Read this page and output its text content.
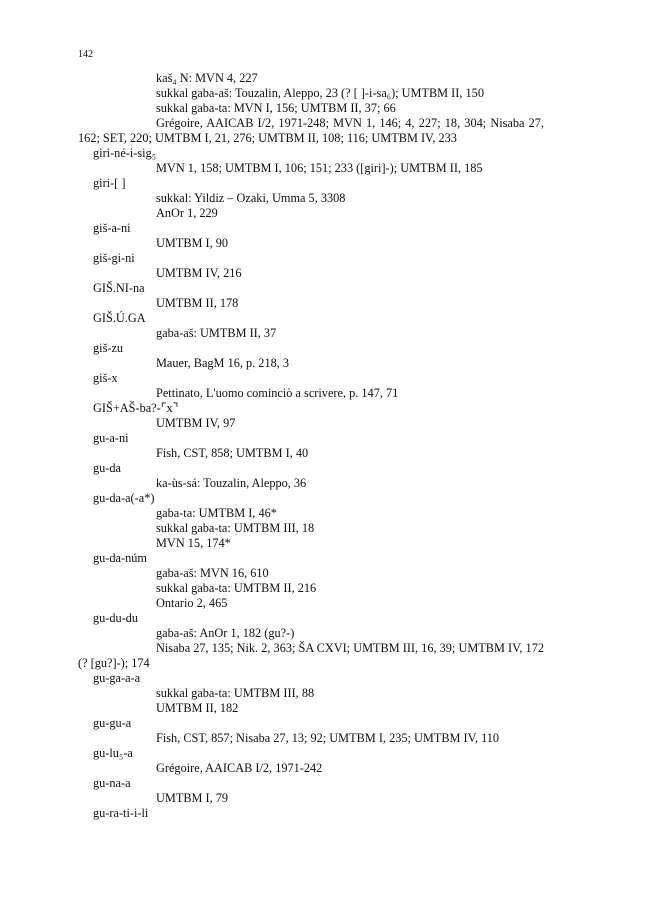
142
kaš₄ N: MVN 4, 227
sukkal gaba-aš: Touzalin, Aleppo, 23 (? [ ]-i-sa₆); UMTBM II, 150
sukkal gaba-ta: MVN I, 156; UMTBM II, 37; 66
Grégoire, AAICAB I/2, 1971-248; MVN 1, 146; 4, 227; 18, 304; Nisaba 27,
162; SET, 220; UMTBM I, 21, 276; UMTBM II, 108; 116; UMTBM IV, 233
giri-né-i-sig₅
MVN 1, 158; UMTBM I, 106; 151; 233 ([giri]-); UMTBM II, 185
giri-[ ]
sukkal: Yildiz – Ozaki, Umma 5, 3308
AnOr 1, 229
giš-a-ni
UMTBM I, 90
giš-gi-ni
UMTBM IV, 216
GIŠ.NI-na
UMTBM II, 178
GIŠ.Ú.GA
gaba-aš: UMTBM II, 37
giš-zu
Mauer, BagM 16, p. 218, 3
giš-x
Pettinato, L'uomo cominciò a scrivere, p. 147, 71
GIŠ+AŠ-ba?-⌜x⌝
UMTBM IV, 97
gu-a-ni
Fish, CST, 858; UMTBM I, 40
gu-da
ka-ùs-sá: Touzalin, Aleppo, 36
gu-da-a(-a*)
gaba-ta: UMTBM I, 46*
sukkal gaba-ta: UMTBM III, 18
MVN 15, 174*
gu-da-núm
gaba-aš: MVN 16, 610
sukkal gaba-ta: UMTBM II, 216
Ontario 2, 465
gu-du-du
gaba-aš: AnOr 1, 182 (gu?-)
Nisaba 27, 135; Nik. 2, 363; ŠA CXVI; UMTBM III, 16, 39; UMTBM IV, 172
(? [gu?]-); 174
gu-ga-a-a
sukkal gaba-ta: UMTBM III, 88
UMTBM II, 182
gu-gu-a
Fish, CST, 857; Nisaba 27, 13; 92; UMTBM I, 235; UMTBM IV, 110
gu-lu₅-a
Grégoire, AAICAB I/2, 1971-242
gu-na-a
UMTBM I, 79
gu-ra-ti-i-li
